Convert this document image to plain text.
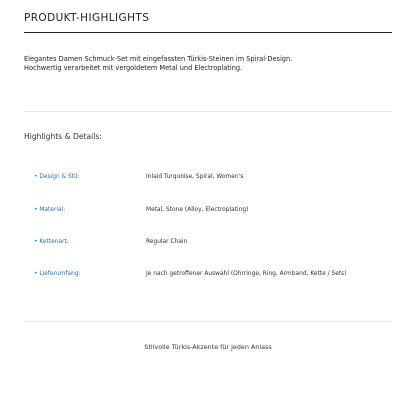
PRODUKT-HIGHLIGHTS
Elegantes Damen Schmuck-Set mit eingefassten Türkis-Steinen im Spiral-Design.
Hochwertig verarbeitet mit vergoldetem Metal und Electroplating.
Highlights & Details:
• Design & Stil:	Inlaid Turquoise, Spiral, Women's
• Material:	Metal, Stone (Alloy, Electroplating)
• Kettenart:	Regular Chain
• Lieferumfang:	Je nach getroffener Auswahl (Ohrringe, Ring, Armband, Kette / Sets)
Stilvolle Türkis-Akzente für jeden Anlass
